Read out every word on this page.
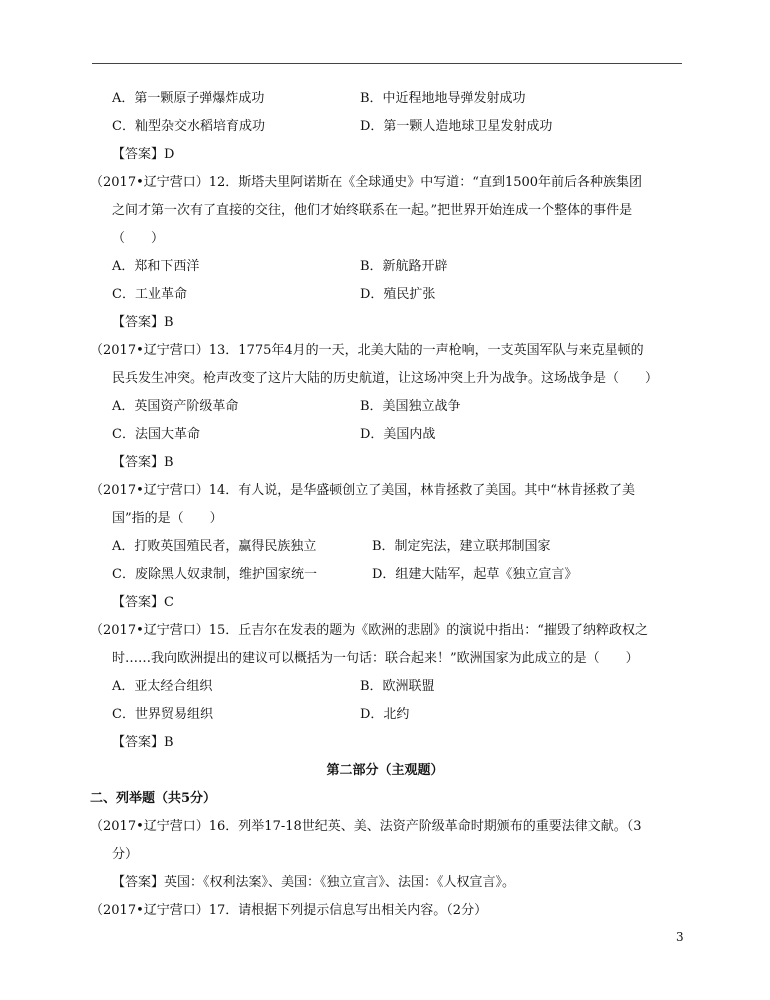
A．第一颗原子弹爆炸成功	B．中近程地地导弹发射成功
C．籼型杂交水稻培育成功	D．第一颗人造地球卫星发射成功
【答案】D
（2017•辽宁营口）12．斯塔夫里阿诺斯在《全球通史》中写道：“直到1500年前后各种族集团
之间才第一次有了直接的交往，他们才始终联系在一起。”把世界开始连成一个整体的事件是
（　　）
A．郑和下西洋	B．新航路开辟
C．工业革命	D．殖民扩张
【答案】B
（2017•辽宁营口）13．1775年4月的一天，北美大陆的一声枪响，一支英国军队与来克星顿的
民兵发生冲突。枪声改变了这片大陆的历史航道，让这场冲突上升为战争。这场战争是（　　）
A．英国资产阶级革命	B．美国独立战争
C．法国大革命	D．美国内战
【答案】B
（2017•辽宁营口）14．有人说，是华盛顿创立了美国，林肯拯救了美国。其中“林肯拯救了美
国”指的是（　　）
A．打败英国殖民者，赢得民族独立	B．制定宪法，建立联邦制国家
C．废除黑人奴隶制，维护国家统一	D．组建大陆军，起草《独立宣言》
【答案】C
（2017•辽宁营口）15．丘吉尔在发表的题为《欧洲的悲剧》的演说中指出：“摧毁了纳粹政权之
时……我向欧洲提出的建议可以概括为一句话：联合起来！”欧洲国家为此成立的是（　　）
A．亚太经合组织	B．欧洲联盟
C．世界贸易组织	D．北约
【答案】B
第二部分（主观题）
二、列举题（共5分）
（2017•辽宁营口）16．列举17-18世纪英、美、法资产阶级革命时期颁布的重要法律文献。（3
分）
【答案】英国：《权利法案》、美国：《独立宣言》、法国：《人权宣言》。
（2017•辽宁营口）17．请根据下列提示信息写出相关内容。（2分）
3
